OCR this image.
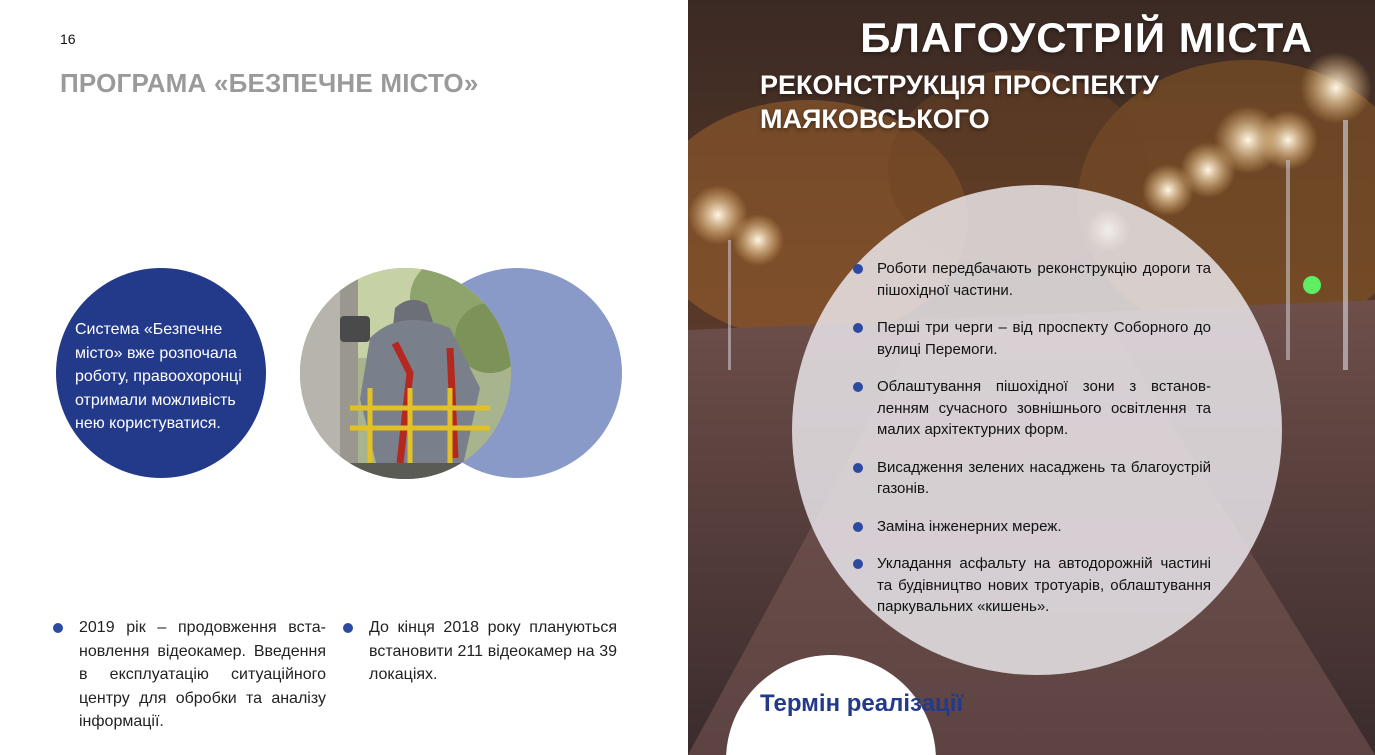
16
ПРОГРАМА «БЕЗПЕЧНЕ МІСТО»

Система «Безпечне місто» вже розпочала роботу, правоохоронці отримали можливість нею користуватися.

2019 рік – продовження встановлення відеокамер. Введення в експлуатацію ситуаційного центру для обробки та аналізу інформації.
До кінця 2018 року плануються встановити 211 відеокамер на 39 локаціях.
БЛАГОУСТРІЙ МІСТА
РЕКОНСТРУКЦІЯ ПРОСПЕКТУ МАЯКОВСЬКОГО
Роботи передбачають реконструкцію дороги та пішохідної частини.
Перші три черги – від проспекту Соборного до вулиці Перемоги.
Облаштування пішохідної зони з встановленням сучасного зовнішнього освітлення та малих архітектурних форм.
Висадження зелених насаджень та благоустрій газонів.
Заміна інженерних мереж.
Укладання асфальту на автодорожній частині та будівництво нових тротуарів, облаштування паркувальних «кишень».
Термін реалізації
